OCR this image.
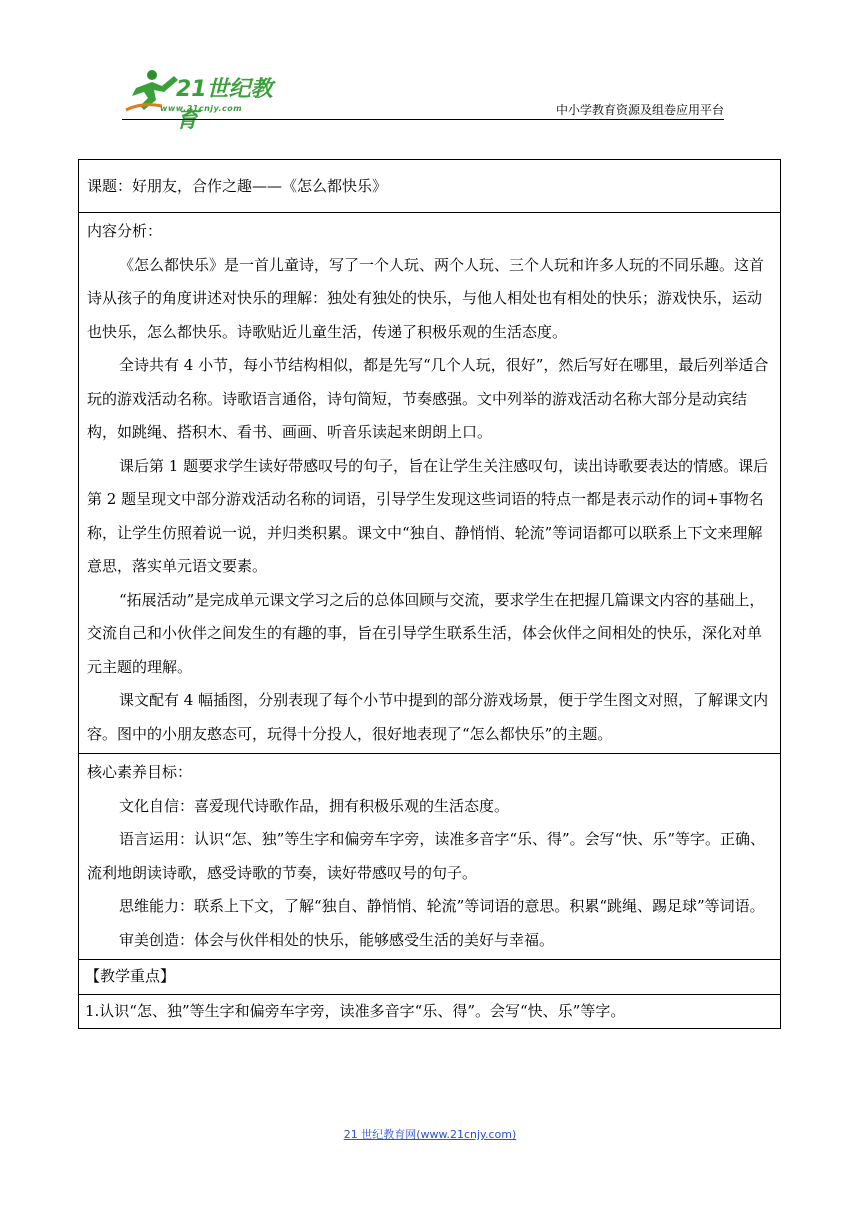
21世纪教育
www.21cnjy.com	中小学教育资源及组卷应用平台
课题：好朋友，合作之趣——《怎么都快乐》

内容分析：

《怎么都快乐》是一首儿童诗，写了一个人玩、两个人玩、三个人玩和许多人玩的不同乐趣。这首诗从孩子的角度讲述对快乐的理解：独处有独处的快乐，与他人相处也有相处的快乐；游戏快乐，运动也快乐，怎么都快乐。诗歌贴近儿童生活，传递了积极乐观的生活态度。

全诗共有 4 小节，每小节结构相似，都是先写“几个人玩，很好”，然后写好在哪里，最后列举适合玩的游戏活动名称。诗歌语言通俗，诗句简短，节奏感强。文中列举的游戏活动名称大部分是动宾结构，如跳绳、搭积木、看书、画画、听音乐读起来朗朗上口。

课后第 1 题要求学生读好带感叹号的句子，旨在让学生关注感叹句，读出诗歌要表达的情感。课后第 2 题呈现文中部分游戏活动名称的词语，引导学生发现这些词语的特点一都是表示动作的词+事物名称，让学生仿照着说一说，并归类积累。课文中“独自、静悄悄、轮流”等词语都可以联系上下文来理解意思，落实单元语文要素。

“拓展活动”是完成单元课文学习之后的总体回顾与交流，要求学生在把握几篇课文内容的基础上，交流自己和小伙伴之间发生的有趣的事，旨在引导学生联系生活，体会伙伴之间相处的快乐，深化对单元主题的理解。

课文配有 4 幅插图，分别表现了每个小节中提到的部分游戏场景，便于学生图文对照，了解课文内容。图中的小朋友憨态可，玩得十分投人，很好地表现了“怎么都快乐”的主题。

核心素养目标：

文化自信：喜爱现代诗歌作品，拥有积极乐观的生活态度。

语言运用：认识“怎、独”等生字和偏旁车字旁，读准多音字“乐、得”。会写“快、乐”等字。正确、流利地朗读诗歌，感受诗歌的节奏，读好带感叹号的句子。

思维能力：联系上下文，了解“独自、静悄悄、轮流”等词语的意思。积累“跳绳、踢足球”等词语。

审美创造：体会与伙伴相处的快乐，能够感受生活的美好与幸福。

【教学重点】
1.认识“怎、独”等生字和偏旁车字旁，读准多音字“乐、得”。会写“快、乐”等字。
21 世纪教育网(www.21cnjy.com)
